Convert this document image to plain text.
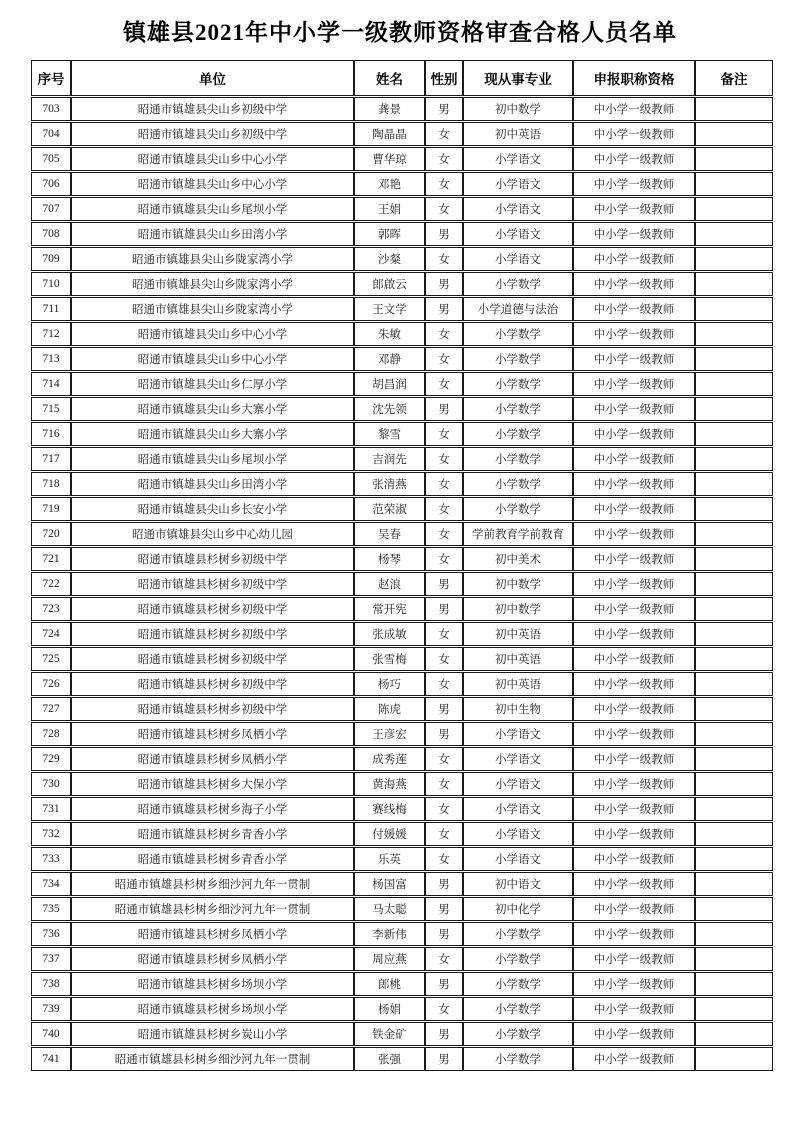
镇雄县2021年中小学一级教师资格审查合格人员名单
序号	单位	姓名	性别	现从事专业	申报职称资格	备注
703	昭通市镇雄县尖山乡初级中学	龚景	男	初中数学	中小学一级教师	
704	昭通市镇雄县尖山乡初级中学	陶晶晶	女	初中英语	中小学一级教师	
705	昭通市镇雄县尖山乡中心小学	曹华琼	女	小学语文	中小学一级教师	
706	昭通市镇雄县尖山乡中心小学	邓艳	女	小学语文	中小学一级教师	
707	昭通市镇雄县尖山乡尾坝小学	王娟	女	小学语文	中小学一级教师	
708	昭通市镇雄县尖山乡田湾小学	郭晖	男	小学语文	中小学一级教师	
709	昭通市镇雄县尖山乡陇家湾小学	沙粲	女	小学语文	中小学一级教师	
710	昭通市镇雄县尖山乡陇家湾小学	郎啟云	男	小学数学	中小学一级教师	
711	昭通市镇雄县尖山乡陇家湾小学	王文学	男	小学道德与法治	中小学一级教师	
712	昭通市镇雄县尖山乡中心小学	朱敏	女	小学数学	中小学一级教师	
713	昭通市镇雄县尖山乡中心小学	邓静	女	小学数学	中小学一级教师	
714	昭通市镇雄县尖山乡仁厚小学	胡昌润	女	小学数学	中小学一级教师	
715	昭通市镇雄县尖山乡大寨小学	沈先领	男	小学数学	中小学一级教师	
716	昭通市镇雄县尖山乡大寨小学	黎雪	女	小学数学	中小学一级教师	
717	昭通市镇雄县尖山乡尾坝小学	吉润先	女	小学数学	中小学一级教师	
718	昭通市镇雄县尖山乡田湾小学	张清燕	女	小学数学	中小学一级教师	
719	昭通市镇雄县尖山乡长安小学	范荣淑	女	小学数学	中小学一级教师	
720	昭通市镇雄县尖山乡中心幼儿园	吴春	女	学前教育学前教育	中小学一级教师	
721	昭通市镇雄县杉树乡初级中学	杨琴	女	初中美术	中小学一级教师	
722	昭通市镇雄县杉树乡初级中学	赵浪	男	初中数学	中小学一级教师	
723	昭通市镇雄县杉树乡初级中学	常开宪	男	初中数学	中小学一级教师	
724	昭通市镇雄县杉树乡初级中学	张成敏	女	初中英语	中小学一级教师	
725	昭通市镇雄县杉树乡初级中学	张雪梅	女	初中英语	中小学一级教师	
726	昭通市镇雄县杉树乡初级中学	杨巧	女	初中英语	中小学一级教师	
727	昭通市镇雄县杉树乡初级中学	陈虎	男	初中生物	中小学一级教师	
728	昭通市镇雄县杉树乡凤栖小学	王彦宏	男	小学语文	中小学一级教师	
729	昭通市镇雄县杉树乡凤栖小学	成秀莲	女	小学语文	中小学一级教师	
730	昭通市镇雄县杉树乡大保小学	黄海燕	女	小学语文	中小学一级教师	
731	昭通市镇雄县杉树乡海子小学	赛线梅	女	小学语文	中小学一级教师	
732	昭通市镇雄县杉树乡青香小学	付媛媛	女	小学语文	中小学一级教师	
733	昭通市镇雄县杉树乡青香小学	乐英	女	小学语文	中小学一级教师	
734	昭通市镇雄县杉树乡细沙河九年一贯制	杨国富	男	初中语文	中小学一级教师	
735	昭通市镇雄县杉树乡细沙河九年一贯制	马太聪	男	初中化学	中小学一级教师	
736	昭通市镇雄县杉树乡凤栖小学	李新伟	男	小学数学	中小学一级教师	
737	昭通市镇雄县杉树乡凤栖小学	周应燕	女	小学数学	中小学一级教师	
738	昭通市镇雄县杉树乡场坝小学	郎桃	男	小学数学	中小学一级教师	
739	昭通市镇雄县杉树乡场坝小学	杨娟	女	小学数学	中小学一级教师	
740	昭通市镇雄县杉树乡炭山小学	铁金矿	男	小学数学	中小学一级教师	
741	昭通市镇雄县杉树乡细沙河九年一贯制	张强	男	小学数学	中小学一级教师	
